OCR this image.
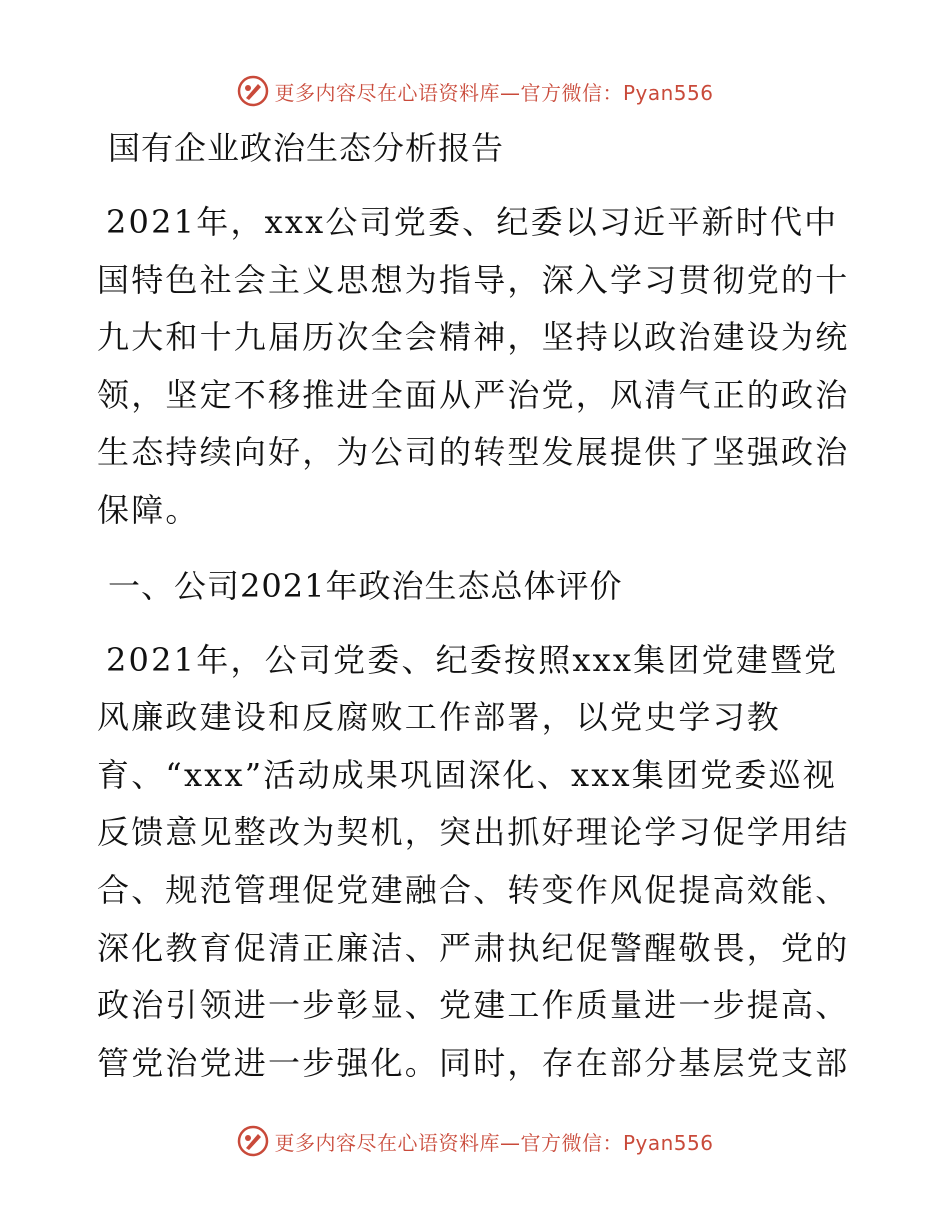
更多内容尽在心语资料库—官方微信：Pyan556
国有企业政治生态分析报告

2021年，xxx公司党委、纪委以习近平新时代中国特色社会主义思想为指导，深入学习贯彻党的十九大和十九届历次全会精神，坚持以政治建设为统领，坚定不移推进全面从严治党，风清气正的政治生态持续向好，为公司的转型发展提供了坚强政治保障。

一、公司2021年政治生态总体评价

2021年，公司党委、纪委按照xxx集团党建暨党风廉政建设和反腐败工作部署，以党史学习教育、“xxx”活动成果巩固深化、xxx集团党委巡视反馈意见整改为契机，突出抓好理论学习促学用结合、规范管理促党建融合、转变作风促提高效能、深化教育促清正廉洁、严肃执纪促警醒敬畏，党的政治引领进一步彰显、党建工作质量进一步提高、管党治党进一步强化。同时，存在部分基层党支部

更多内容尽在心语资料库—官方微信：Pyan556
